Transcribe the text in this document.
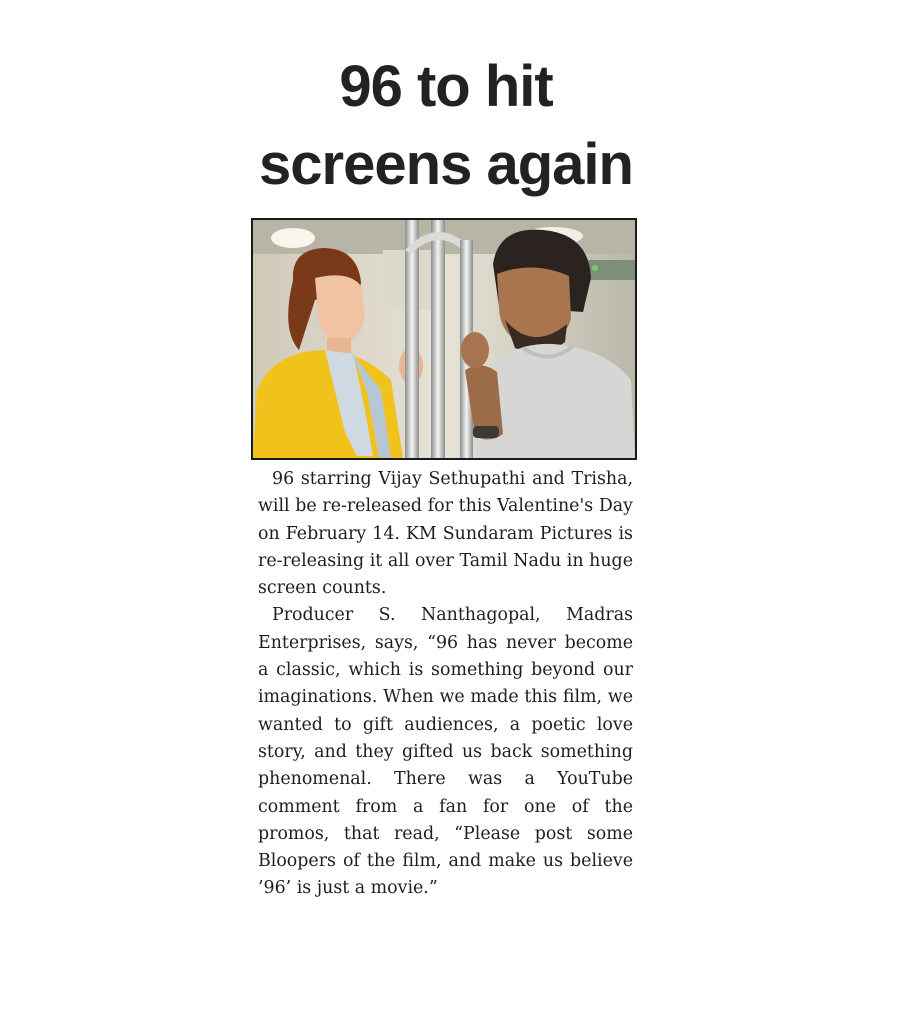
96 to hit
screens again

96 starring Vijay Sethupathi and Trisha, will be re-released for this Valentine's Day on February 14. KM Sundaram Pictures is re-releasing it all over Tamil Nadu in huge screen counts.

Producer S. Nanthagopal, Madras Enterprises, says, “96 has never become a classic, which is something beyond our imaginations. When we made this film, we wanted to gift audiences, a poetic love story, and they gifted us back something phenomenal. There was a YouTube comment from a fan for one of the promos, that read, “Please post some Bloopers of the film, and make us believe ’96’ is just a movie.”
